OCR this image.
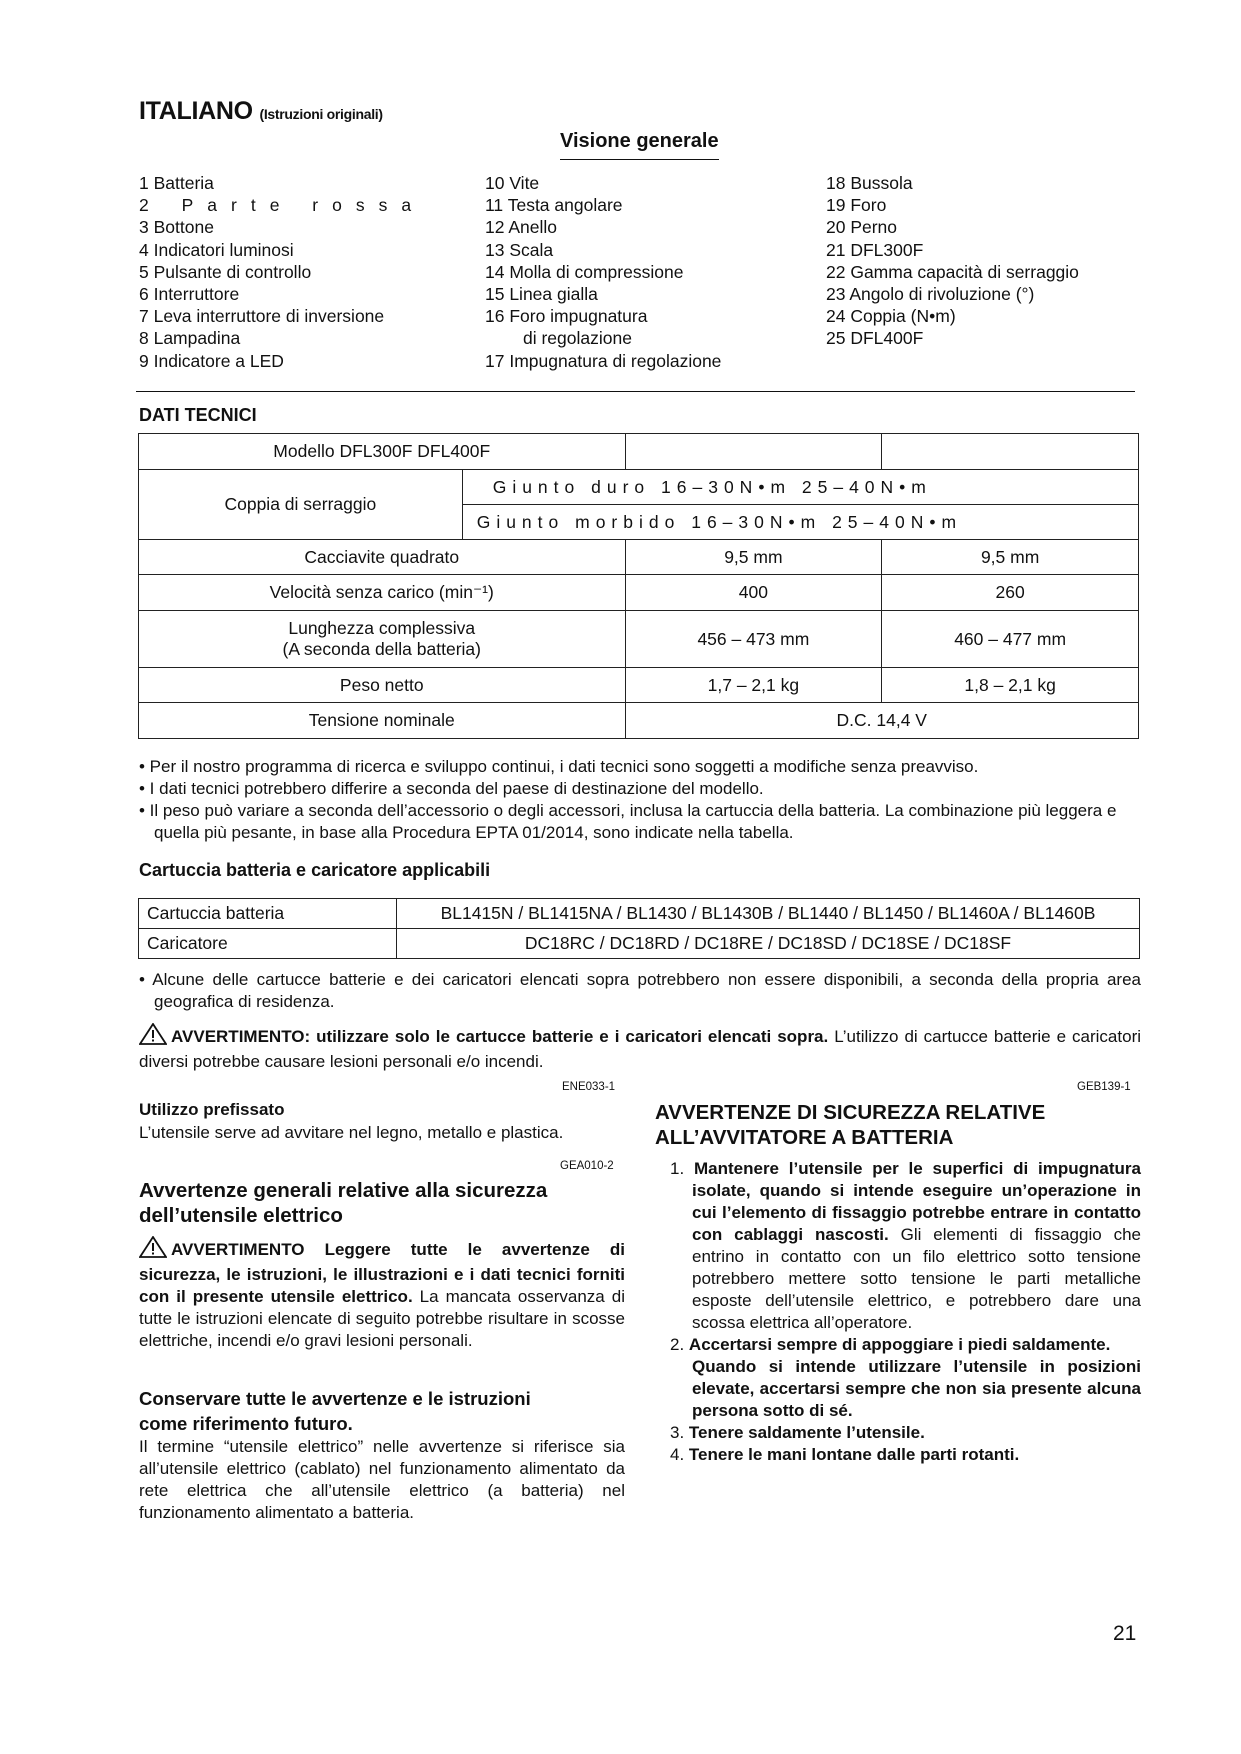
ITALIANO (Istruzioni originali)
Visione generale
1 Batteria
2 Parte rossa
3 Bottone
4 Indicatori luminosi
5 Pulsante di controllo
6 Interruttore
7 Leva interruttore di inversione
8 Lampadina
9 Indicatore a LED
10 Vite
11 Testa angolare
12 Anello
13 Scala
14 Molla di compressione
15 Linea gialla
16 Foro impugnatura
di regolazione
17 Impugnatura di regolazione
18 Bussola
19 Foro
20 Perno
21 DFL300F
22 Gamma capacità di serraggio
23 Angolo di rivoluzione (°)
24 Coppia (N•m)
25 DFL400F
DATI TECNICI
Modello DFL300F DFL400F			
Coppia di serraggio	Giunto duro 16–30N•m 25–40N•m		
	Giunto morbido 16–30N•m 25–40N•m		
Cacciavite quadrato		9,5 mm	9,5 mm
Velocità senza carico (min⁻¹)		400	260
Lunghezza complessiva
(A seconda della batteria)		456 – 473 mm	460 – 477 mm
Peso netto		1,7 – 2,1 kg	1,8 – 2,1 kg
Tensione nominale		D.C. 14,4 V	
• Per il nostro programma di ricerca e sviluppo continui, i dati tecnici sono soggetti a modifiche senza preavviso.
• I dati tecnici potrebbero differire a seconda del paese di destinazione del modello.
• Il peso può variare a seconda dell’accessorio o degli accessori, inclusa la cartuccia della batteria. La combinazione più leggera e quella più pesante, in base alla Procedura EPTA 01/2014, sono indicate nella tabella.
Cartuccia batteria e caricatore applicabili
Cartuccia batteria	BL1415N / BL1415NA / BL1430 / BL1430B / BL1440 / BL1450 / BL1460A / BL1460B
Caricatore	DC18RC / DC18RD / DC18RE / DC18SD / DC18SE / DC18SF
• Alcune delle cartucce batterie e dei caricatori elencati sopra potrebbero non essere disponibili, a seconda della propria area geografica di residenza.
AVVERTIMENTO: utilizzare solo le cartucce batterie e i caricatori elencati sopra. L’utilizzo di cartucce batterie e caricatori diversi potrebbe causare lesioni personali e/o incendi.
ENE033-1
Utilizzo prefissato
L’utensile serve ad avvitare nel legno, metallo e plastica.
GEA010-2
Avvertenze generali relative alla sicurezza
dell’utensile elettrico
AVVERTIMENTO Leggere tutte le avvertenze di sicurezza, le istruzioni, le illustrazioni e i dati tecnici forniti con il presente utensile elettrico. La mancata osservanza di tutte le istruzioni elencate di seguito potrebbe risultare in scosse elettriche, incendi e/o gravi lesioni personali.
Conservare tutte le avvertenze e le istruzioni
come riferimento futuro.
Il termine “utensile elettrico” nelle avvertenze si riferisce sia all’utensile elettrico (cablato) nel funzionamento alimentato da rete elettrica che all’utensile elettrico (a batteria) nel funzionamento alimentato a batteria.
GEB139-1
AVVERTENZE DI SICUREZZA RELATIVE
ALL’AVVITATORE A BATTERIA
1. Mantenere l’utensile per le superfici di impugnatura isolate, quando si intende eseguire un’operazione in cui l’elemento di fissaggio potrebbe entrare in contatto con cablaggi nascosti. Gli elementi di fissaggio che entrino in contatto con un filo elettrico sotto tensione potrebbero mettere sotto tensione le parti metalliche esposte dell’utensile elettrico, e potrebbero dare una scossa elettrica all’operatore.
2. Accertarsi sempre di appoggiare i piedi saldamente.
Quando si intende utilizzare l’utensile in posizioni elevate, accertarsi sempre che non sia presente alcuna persona sotto di sé.
3. Tenere saldamente l’utensile.
4. Tenere le mani lontane dalle parti rotanti.
21
